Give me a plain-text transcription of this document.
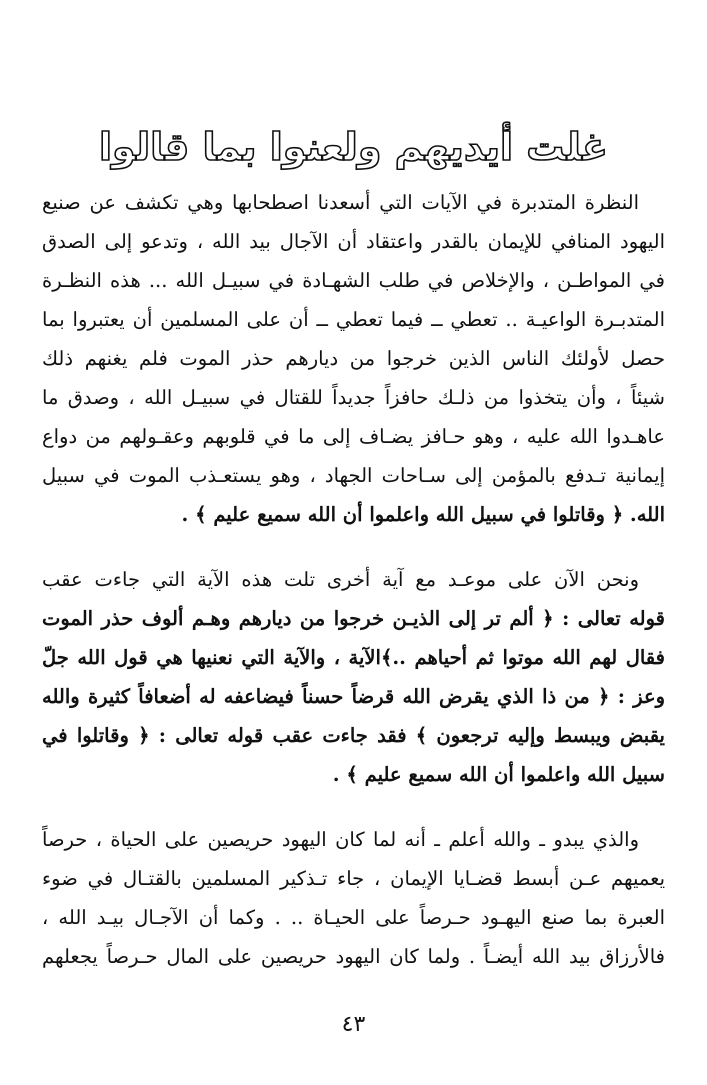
غلت أيديهم ولعنوا بما قالوا
النظرة المتدبرة في الآيات التي أسعدنا اصطحابها وهي تكشف عن صنيع
اليهود المنافي للإيمان بالقدر واعتقاد أن الآجال بيد الله ، وتدعو إلى الصدق
في المواطـن ، والإخلاص في طلب الشهـادة في سبيـل الله ... هذه النظـرة
المتدبـرة الواعيـة .. تعطي ــ فيما تعطي ــ أن على المسلمين أن يعتبروا بما
حصل لأولئك الناس الذين خرجوا من ديارهم حذر الموت فلم يغنهم ذلك
شيئاً ، وأن يتخذوا من ذلـك حافزاً جديداً للقتال في سبيـل الله ، وصدق ما
عاهـدوا الله عليه ، وهو حـافز يضـاف إلى ما في قلوبهم وعقـولهم من دواع
إيمانية تـدفع بالمؤمن إلى سـاحات الجهاد ، وهو يستعـذب الموت في سبيل
الله. ﴿ وقاتلوا في سبيل الله واعلموا أن الله سميع عليم ﴾ .
ونحن الآن على موعـد مع آية أخرى تلت هذه الآية التي جاءت عقب
قوله تعالى : ﴿ ألم تر إلى الذيـن خرجوا من ديارهم وهـم ألوف حذر الموت
فقال لهم الله موتوا ثم أحياهم ..﴾الآية ، والآية التي نعنيها هي قول الله جلّ
وعز : ﴿ من ذا الذي يقرض الله قرضاً حسناً فيضاعفه له أضعافاً كثيرة والله
يقبض ويبسط وإليه ترجعون ﴾ فقد جاءت عقب قوله تعالى : ﴿ وقاتلوا في
سبيل الله واعلموا أن الله سميع عليم ﴾ .
والذي يبدو ـ والله أعلم ـ أنه لما كان اليهود حريصين على الحياة ، حرصاً
يعميهم عـن أبسط قضـايا الإيمان ، جاء تـذكير المسلمين بالقتـال في ضوء
العبرة بما صنع اليهـود حـرصاً على الحيـاة .. . وكما أن الآجـال بيـد الله ،
فالأرزاق بيد الله أيضـاً . ولما كان اليهود حريصين على المال حـرصاً يجعلهم
٤٣
